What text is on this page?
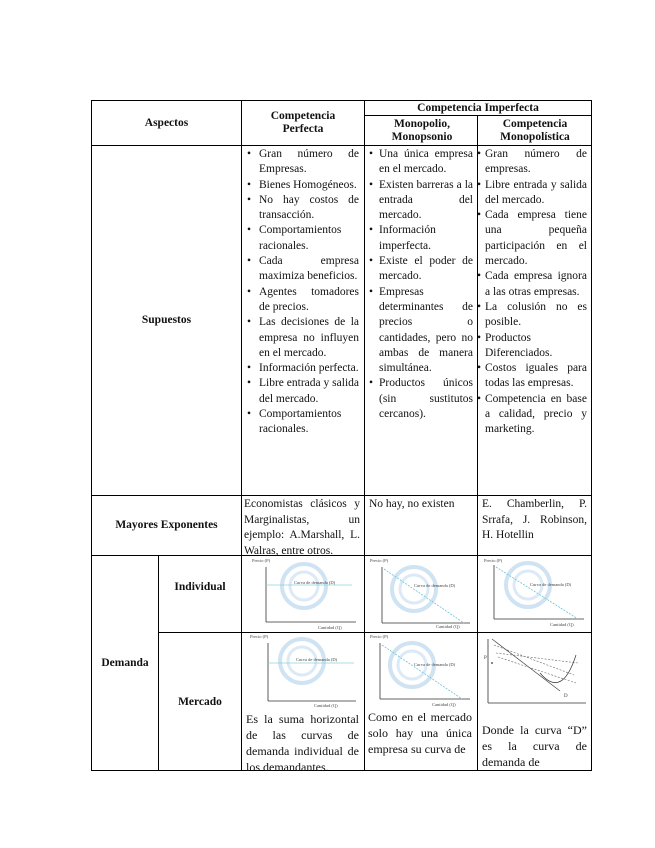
Aspectos
Competencia Perfecta
Competencia Imperfecta
Monopolio, Monopsonio
Competencia Monopolística
Supuestos
• Gran número de Empresas.
• Bienes Homogéneos.
• No hay costos de transacción.
• Comportamientos racionales.
• Cada empresa maximiza beneficios.
• Agentes tomadores de precios.
• Las decisiones de la empresa no influyen en el mercado.
• Información perfecta.
• Libre entrada y salida del mercado.
• Comportamientos racionales.
• Una única empresa en el mercado.
• Existen barreras a la entrada del mercado.
• Información imperfecta.
• Existe el poder de mercado.
• Empresas determinantes de precios o cantidades, pero no ambas de manera simultánea.
• Productos únicos (sin sustitutos cercanos).
• Gran número de empresas.
• Libre entrada y salida del mercado.
• Cada empresa tiene una pequeña participación en el mercado.
• Cada empresa ignora a las otras empresas.
• La colusión no es posible.
• Productos Diferenciados.
• Costos iguales para todas las empresas.
• Competencia en base a calidad, precio y marketing.
Mayores Exponentes
Economistas clásicos y Marginalistas, un ejemplo: A.Marshall, L. Walras, entre otros.
No hay, no existen	E. Chamberlin, P. Srrafa, J. Robinson, H. Hotellin
Demanda
Individual
Mercado
Precio (P)
Curva de demanda (D)
Cantidad (Q)
Precio (P)
Curva de demanda (D)
Cantidad (Q)
Precio (P)
Curva de demanda (D)
Cantidad (Q)
Precio (P)
Curva de demanda (D)
Cantidad (Q)
Precio (P)
Curva de demanda (D)
Cantidad (Q)
P
D
Es la suma horizontal de las curvas de demanda individual de los demandantes.
Como en el mercado solo hay una única empresa su curva de
Donde la curva “D” es la curva de demanda de
